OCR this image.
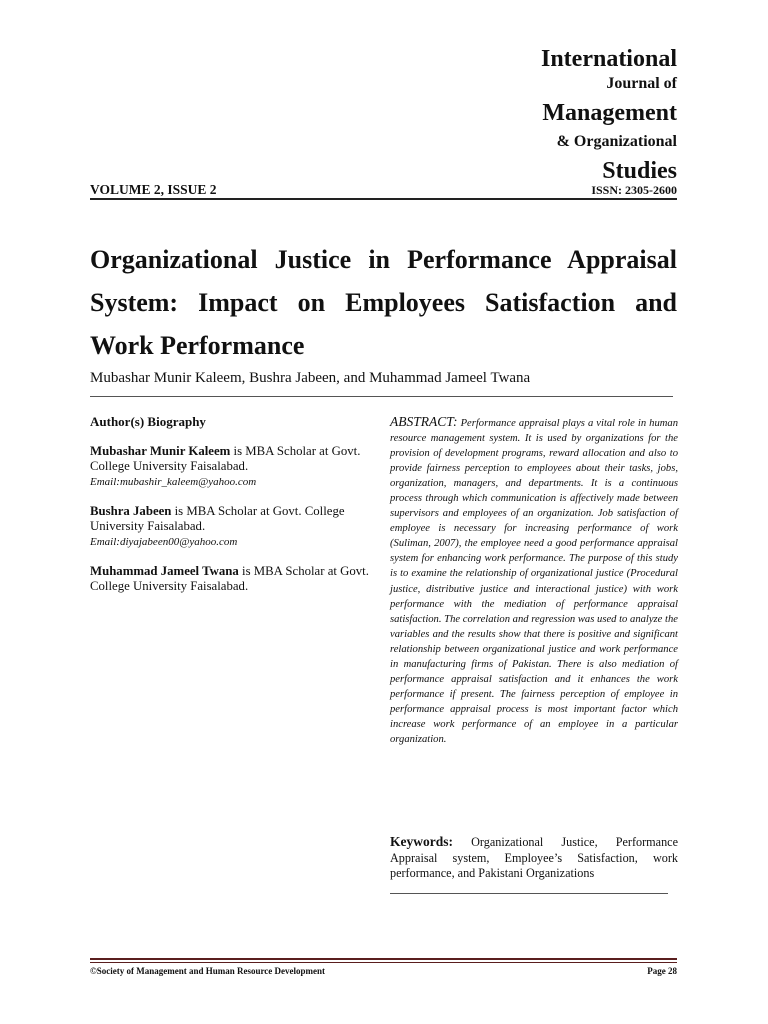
International
Journal of
Management
& Organizational
Studies
VOLUME 2, ISSUE 2	ISSN: 2305-2600
Organizational Justice in Performance Appraisal System: Impact on Employees Satisfaction and Work Performance
Mubashar Munir Kaleem, Bushra Jabeen, and Muhammad Jameel Twana
Author(s) Biography
Mubashar Munir Kaleem is MBA Scholar at Govt. College University Faisalabad.
Email:mubashir_kaleem@yahoo.com
Bushra Jabeen is MBA Scholar at Govt. College University Faisalabad.
Email:diyajabeen00@yahoo.com
Muhammad Jameel Twana is MBA Scholar at Govt. College University Faisalabad.
ABSTRACT: Performance appraisal plays a vital role in human resource management system. It is used by organizations for the provision of development programs, reward allocation and also to provide fairness perception to employees about their tasks, jobs, organization, managers, and departments. It is a continuous process through which communication is affectively made between supervisors and employees of an organization. Job satisfaction of employee is necessary for increasing performance of work (Suliman, 2007), the employee need a good performance appraisal system for enhancing work performance. The purpose of this study is to examine the relationship of organizational justice (Procedural justice, distributive justice and interactional justice) with work performance with the mediation of performance appraisal satisfaction. The correlation and regression was used to analyze the variables and the results show that there is positive and significant relationship between organizational justice and work performance in manufacturing firms of Pakistan. There is also mediation of performance appraisal satisfaction and it enhances the work performance if present. The fairness perception of employee in performance appraisal process is most important factor which increase work performance of an employee in a particular organization.
Keywords: Organizational Justice, Performance Appraisal system, Employee’s Satisfaction, work performance, and Pakistani Organizations
©Society of Management and Human Resource Development	Page 28
